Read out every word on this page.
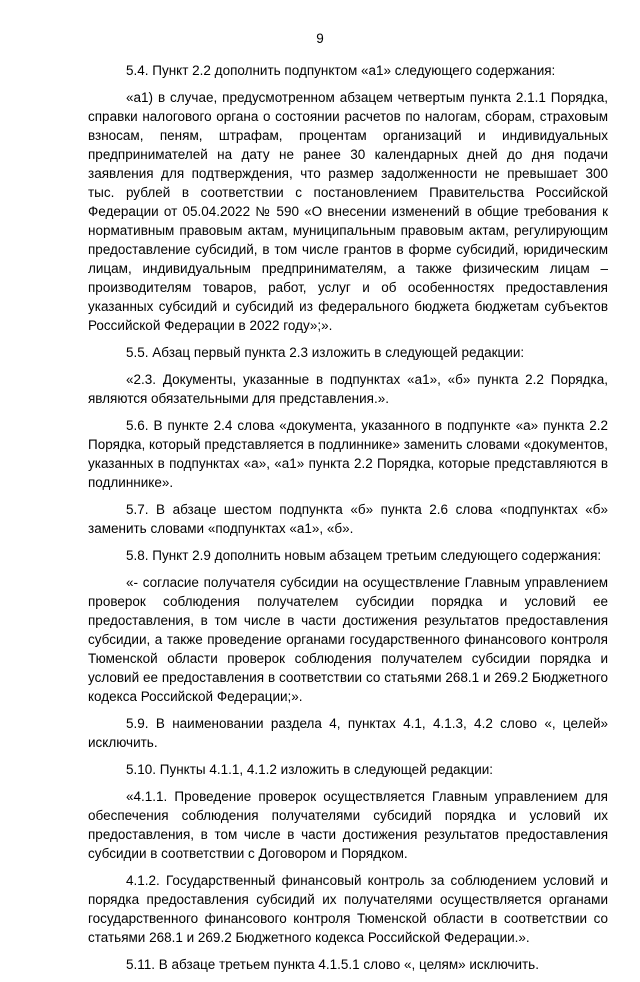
9

5.4. Пункт 2.2 дополнить подпунктом «а1» следующего содержания:

«а1) в случае, предусмотренном абзацем четвертым пункта 2.1.1 Порядка, справки налогового органа о состоянии расчетов по налогам, сборам, страховым взносам, пеням, штрафам, процентам организаций и индивидуальных предпринимателей на дату не ранее 30 календарных дней до дня подачи заявления для подтверждения, что размер задолженности не превышает 300 тыс. рублей в соответствии с постановлением Правительства Российской Федерации от 05.04.2022 № 590 «О внесении изменений в общие требования к нормативным правовым актам, муниципальным правовым актам, регулирующим предоставление субсидий, в том числе грантов в форме субсидий, юридическим лицам, индивидуальным предпринимателям, а также физическим лицам – производителям товаров, работ, услуг и об особенностях предоставления указанных субсидий и субсидий из федерального бюджета бюджетам субъектов Российской Федерации в 2022 году»;».

5.5. Абзац первый пункта 2.3 изложить в следующей редакции:

«2.3. Документы, указанные в подпунктах «а1», «б» пункта 2.2 Порядка, являются обязательными для представления.».

5.6. В пункте 2.4 слова «документа, указанного в подпункте «а» пункта 2.2 Порядка, который представляется в подлиннике» заменить словами «документов, указанных в подпунктах «а», «а1» пункта 2.2 Порядка, которые представляются в подлиннике».

5.7. В абзаце шестом подпункта «б» пункта 2.6 слова «подпунктах «б» заменить словами «подпунктах «а1», «б».

5.8. Пункт 2.9 дополнить новым абзацем третьим следующего содержания:

«- согласие получателя субсидии на осуществление Главным управлением проверок соблюдения получателем субсидии порядка и условий ее предоставления, в том числе в части достижения результатов предоставления субсидии, а также проведение органами государственного финансового контроля Тюменской области проверок соблюдения получателем субсидии порядка и условий ее предоставления в соответствии со статьями 268.1 и 269.2 Бюджетного кодекса Российской Федерации;».

5.9. В наименовании раздела 4, пунктах 4.1, 4.1.3, 4.2 слово «, целей» исключить.

5.10. Пункты 4.1.1, 4.1.2 изложить в следующей редакции:

«4.1.1. Проведение проверок осуществляется Главным управлением для обеспечения соблюдения получателями субсидий порядка и условий их предоставления, в том числе в части достижения результатов предоставления субсидии в соответствии с Договором и Порядком.

4.1.2. Государственный финансовый контроль за соблюдением условий и порядка предоставления субсидий их получателями осуществляется органами государственного финансового контроля Тюменской области в соответствии со статьями 268.1 и 269.2 Бюджетного кодекса Российской Федерации.».

5.11. В абзаце третьем пункта 4.1.5.1 слово «, целям» исключить.
